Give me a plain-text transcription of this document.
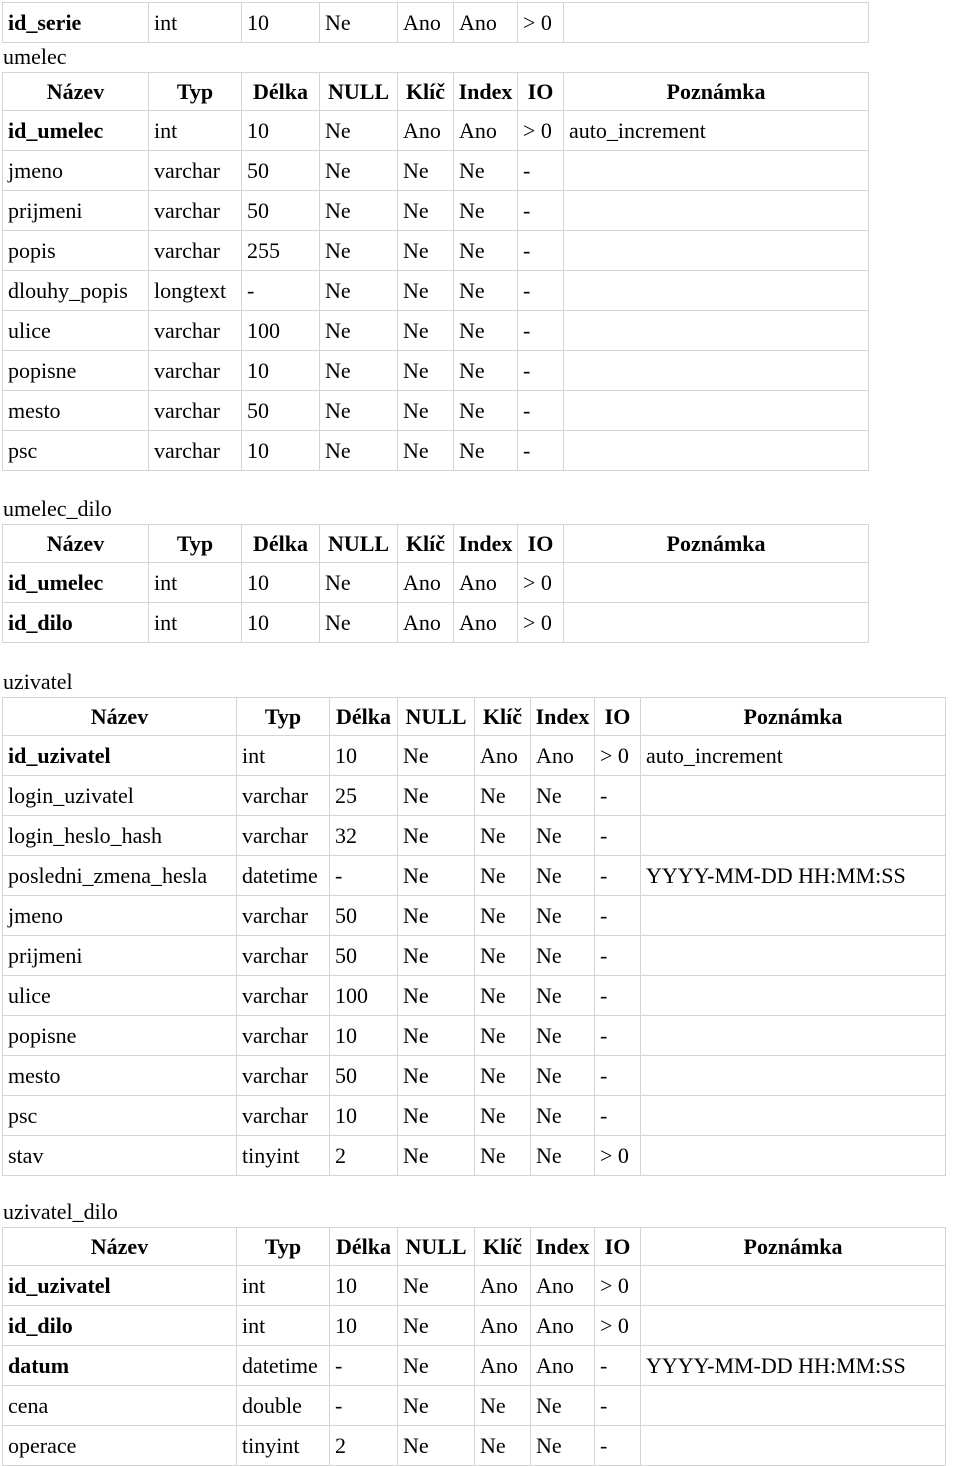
id_serie	int	10	Ne	Ano	Ano	> 0	
umelec
Název	Typ	Délka	NULL	Klíč	Index	IO	Poznámka
id_umelec	int	10	Ne	Ano	Ano	> 0	auto_increment
jmeno	varchar	50	Ne	Ne	Ne	-	
prijmeni	varchar	50	Ne	Ne	Ne	-	
popis	varchar	255	Ne	Ne	Ne	-	
dlouhy_popis	longtext	-	Ne	Ne	Ne	-	
ulice	varchar	100	Ne	Ne	Ne	-	
popisne	varchar	10	Ne	Ne	Ne	-	
mesto	varchar	50	Ne	Ne	Ne	-	
psc	varchar	10	Ne	Ne	Ne	-	
umelec_dilo
Název	Typ	Délka	NULL	Klíč	Index	IO	Poznámka
id_umelec	int	10	Ne	Ano	Ano	> 0	
id_dilo	int	10	Ne	Ano	Ano	> 0	
uzivatel
Název	Typ	Délka	NULL	Klíč	Index	IO	Poznámka
id_uzivatel	int	10	Ne	Ano	Ano	> 0	auto_increment
login_uzivatel	varchar	25	Ne	Ne	Ne	-	
login_heslo_hash	varchar	32	Ne	Ne	Ne	-	
posledni_zmena_hesla	datetime	-	Ne	Ne	Ne	-	YYYY-MM-DD HH:MM:SS
jmeno	varchar	50	Ne	Ne	Ne	-	
prijmeni	varchar	50	Ne	Ne	Ne	-	
ulice	varchar	100	Ne	Ne	Ne	-	
popisne	varchar	10	Ne	Ne	Ne	-	
mesto	varchar	50	Ne	Ne	Ne	-	
psc	varchar	10	Ne	Ne	Ne	-	
stav	tinyint	2	Ne	Ne	Ne	> 0	
uzivatel_dilo
Název	Typ	Délka	NULL	Klíč	Index	IO	Poznámka
id_uzivatel	int	10	Ne	Ano	Ano	> 0	
id_dilo	int	10	Ne	Ano	Ano	> 0	
datum	datetime	-	Ne	Ano	Ano	-	YYYY-MM-DD HH:MM:SS
cena	double	-	Ne	Ne	Ne	-	
operace	tinyint	2	Ne	Ne	Ne	-	
